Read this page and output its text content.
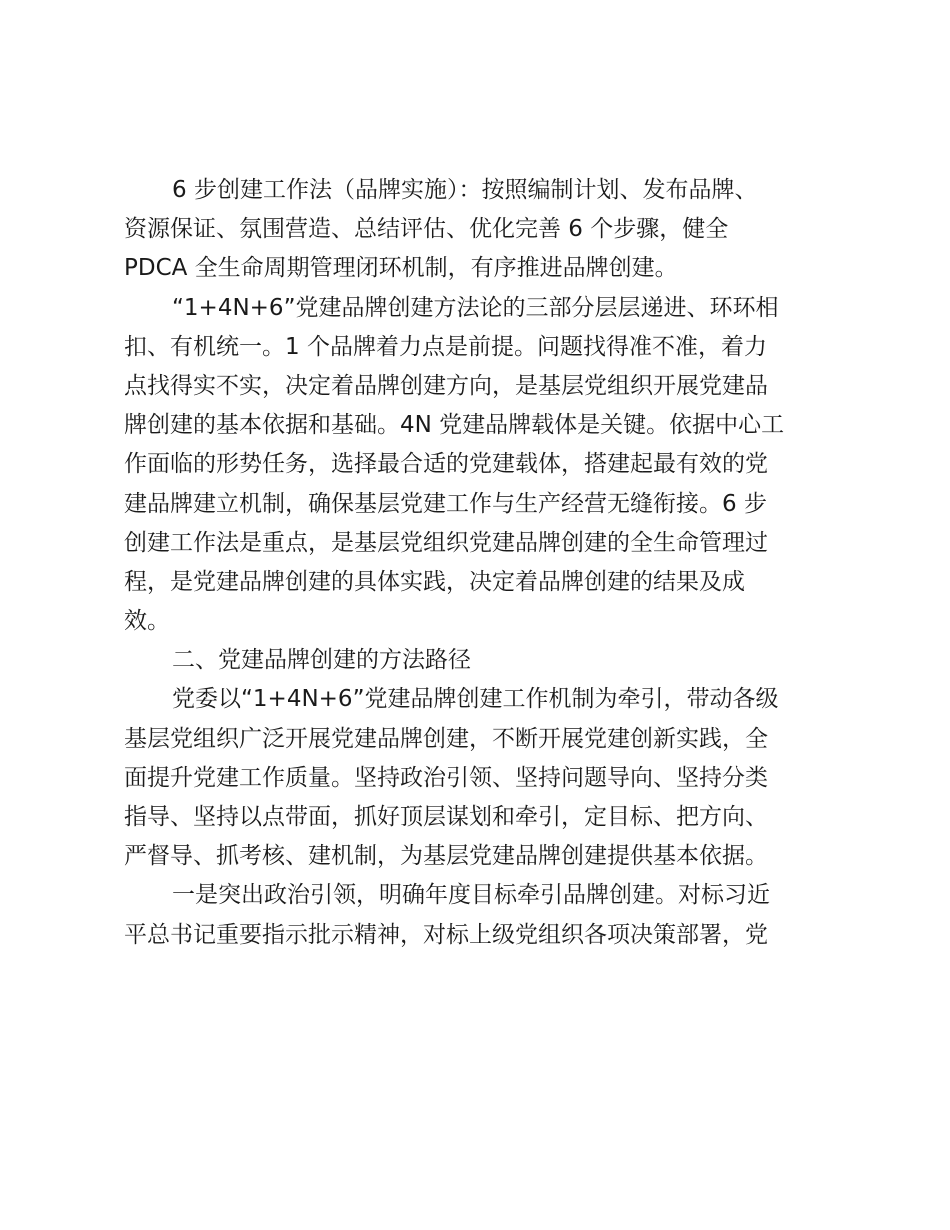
6 步创建工作法（品牌实施）：按照编制计划、发布品牌、
资源保证、氛围营造、总结评估、优化完善 6 个步骤，健全
PDCA 全生命周期管理闭环机制，有序推进品牌创建。
“1+4N+6”党建品牌创建方法论的三部分层层递进、环环相
扣、有机统一。1 个品牌着力点是前提。问题找得准不准，着力
点找得实不实，决定着品牌创建方向，是基层党组织开展党建品
牌创建的基本依据和基础。4N 党建品牌载体是关键。依据中心工
作面临的形势任务，选择最合适的党建载体，搭建起最有效的党
建品牌建立机制，确保基层党建工作与生产经营无缝衔接。6 步
创建工作法是重点，是基层党组织党建品牌创建的全生命管理过
程，是党建品牌创建的具体实践，决定着品牌创建的结果及成
效。
二、党建品牌创建的方法路径
党委以“1+4N+6”党建品牌创建工作机制为牵引，带动各级
基层党组织广泛开展党建品牌创建，不断开展党建创新实践，全
面提升党建工作质量。坚持政治引领、坚持问题导向、坚持分类
指导、坚持以点带面，抓好顶层谋划和牵引，定目标、把方向、
严督导、抓考核、建机制，为基层党建品牌创建提供基本依据。
一是突出政治引领，明确年度目标牵引品牌创建。对标习近
平总书记重要指示批示精神，对标上级党组织各项决策部署，党
